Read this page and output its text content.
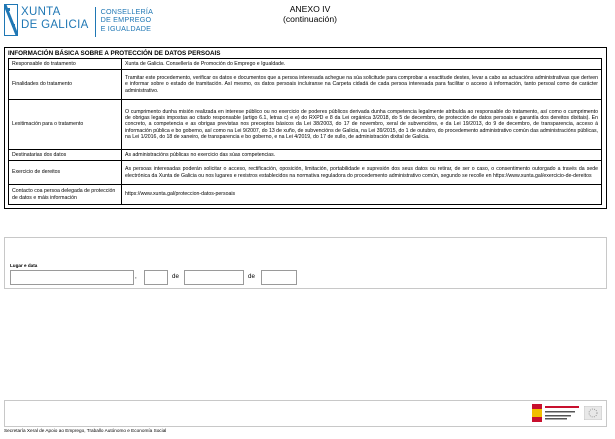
XUNTA
DE GALICIA
CONSELLERÍA
DE EMPREGO
E IGUALDADE
ANEXO IV
(continuación)
INFORMACIÓN BÁSICA SOBRE A PROTECCIÓN DE DATOS PERSOAIS
Responsable do tratamento	Xunta de Galicia. Consellería de Promoción do Emprego e Igualdade.
Finalidades do tratamento	Tramitar este procedemento, verificar os datos e documentos que a persoa interesada achegue na súa solicitude para comprobar a exactitude destes, levar a cabo as actuacións administrativas que deriven e informar sobre o estado de tramitación. Así mesmo, os datos persoais incluiranse na Carpeta cidadá de cada persoa interesada para facilitar o acceso á información, tanto persoal como de carácter administrativo.
Lexitimación para o tratamento	O cumprimento dunha misión realizada en interese público ou no exercicio de poderes públicos derivada dunha competencia legalmente atribuída ao responsable do tratamento, así como o cumprimento de obrigas legais impostas ao citado responsable (artigo 6.1, letras c) e e) do RXPD e 8 da Lei orgánica 3/2018, do 5 de decembro, de protección de datos persoais e garantía dos dereitos dixitais). En concreto, a competencia e as obrigas previstas nos preceptos básicos da Lei 38/2003, do 17 de novembro, xeral de subvencións, e da Lei 19/2013, do 9 de decembro, de transparencia, acceso á información pública e bo goberno, así como na Lei 9/2007, do 13 de xuño, de subvencións de Galicia, na Lei 39/2015, do 1 de outubro, do procedemento administrativo común das administracións públicas, na Lei 1/2016, do 18 de xaneiro, de transparencia e bo goberno, e na Lei 4/2019, do 17 de xullo, de administración dixital de Galicia.
Destinatarias dos datos	As administracións públicas no exercicio das súas competencias.
Exercicio de dereitos	As persoas interesadas poderán solicitar o acceso, rectificación, oposición, limitación, portabilidade e supresión dos seus datos ou retirar, de ser o caso, o consentimento outorgado a través da sede electrónica da Xunta de Galicia ou nos lugares e rexistros establecidos na normativa reguladora do procedemento administrativo común, segundo se recolle en https://www.xunta.gal/exercicio-de-dereitos
Contacto coa persoa delegada de protección de datos e máis información	https://www.xunta.gal/proteccion-datos-persoais
Lugar e data
,	de	de
Secretaría Xeral de Apoio ao Emprego, Traballo Autónomo e Economía Social
